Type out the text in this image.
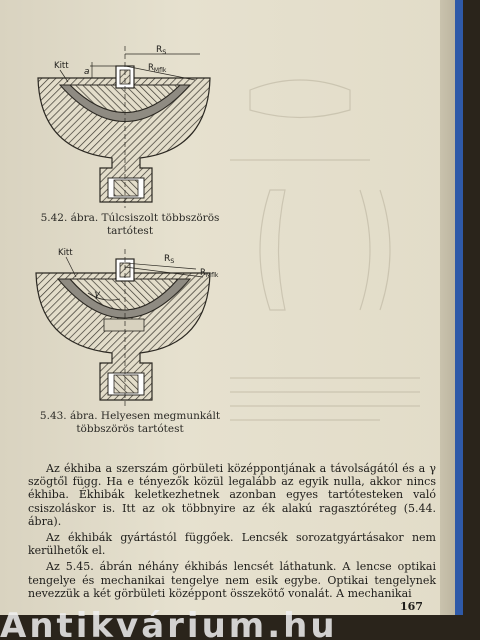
Kitt
a
$R_S$
$R_{Mflk}$
5.42. ábra. Túlcsiszolt többszörös
tartótest
Kitt
γ
$R_S$
$R_{Mflk}$
5.43. ábra. Helyesen megmunkált
többszörös tartótest

Az ékhiba a szerszám görbületi középpontjának a távolságától és a γ szögtől függ. Ha e tényezők közül legalább az egyik nulla, akkor nincs ékhiba. Ékhibák keletkezhetnek azonban egyes tartótesteken való csiszoláskor is. Itt az ok többnyire az ék alakú ragasztóréteg (5.44. ábra).

Az ékhibák gyártástól függőek. Lencsék sorozatgyártásakor nem kerülhetők el.

Az 5.45. ábrán néhány ékhibás lencsét láthatunk. A lencse optikai tengelye és mechanikai tengelye nem esik egybe. Optikai tengelynek nevezzük a két görbületi középpont összekötő vonalát. A mechanikai

167
Antikvárium.hu
